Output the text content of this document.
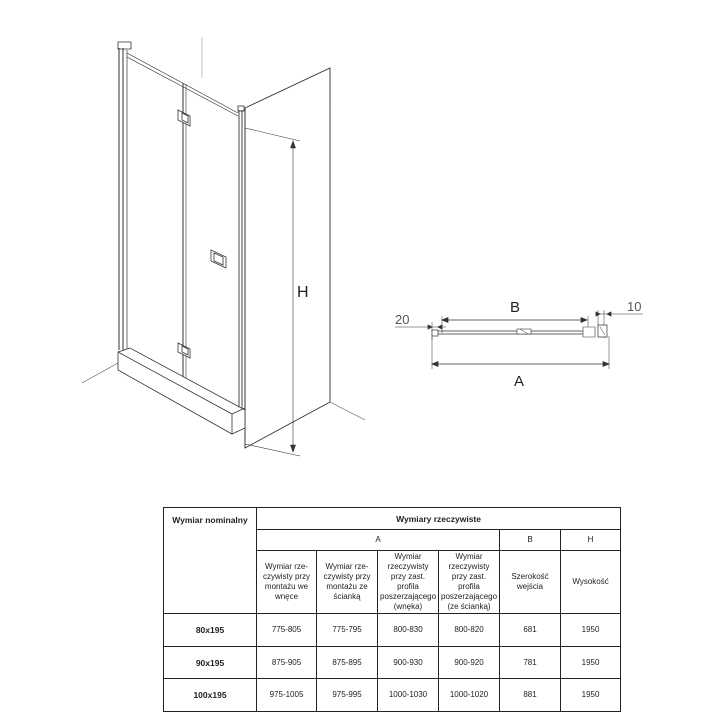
H
B
A
20
10
Wymiar nominalny	Wymiary rzeczywiste					
	A				B	H
	Wymiar rze-czywisty przy montażu we wnęce	Wymiar rze-czywisty przy montażu ze ścianką	Wymiar rzeczywisty przy zast. profila poszerzającego (wnęka)	Wymiar rzeczywisty przy zast. profila poszerzającego (ze ścianką)	Szerokość wejścia	Wysokość
80x195	775-805	775-795	800-830	800-820	681	1950
90x195	875-905	875-895	900-930	900-920	781	1950
100x195	975-1005	975-995	1000-1030	1000-1020	881	1950
